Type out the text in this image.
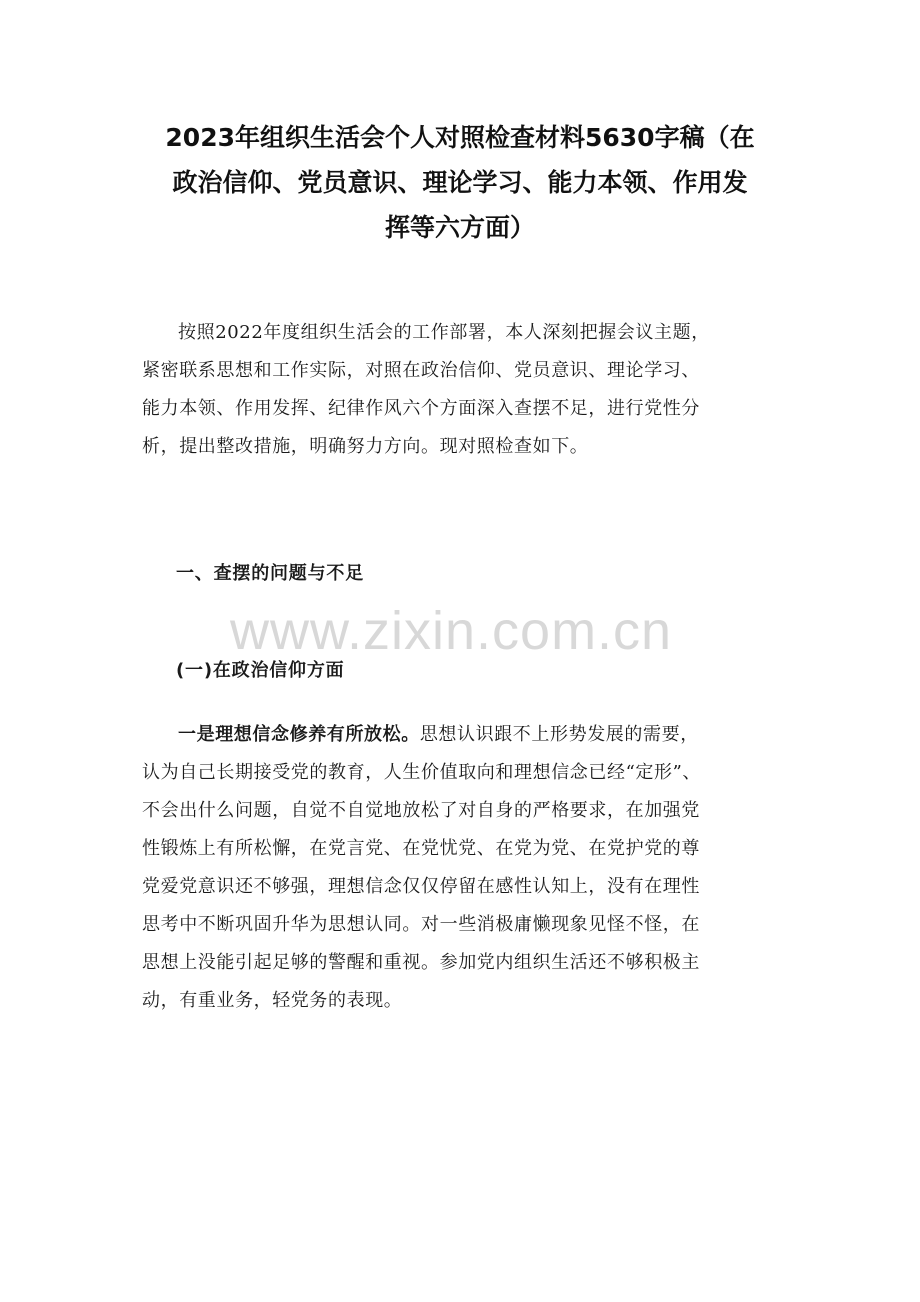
2023年组织生活会个人对照检查材料5630字稿（在
政治信仰、党员意识、理论学习、能力本领、作用发
挥等六方面）
按照2022年度组织生活会的工作部署，本人深刻把握会议主题，
紧密联系思想和工作实际，对照在政治信仰、党员意识、理论学习、
能力本领、作用发挥、纪律作风六个方面深入查摆不足，进行党性分
析，提出整改措施，明确努力方向。现对照检查如下。
一、查摆的问题与不足
www.zixin.com.cn
(一)在政治信仰方面
一是理想信念修养有所放松。思想认识跟不上形势发展的需要，
认为自己长期接受党的教育，人生价值取向和理想信念已经“定形”、
不会出什么问题，自觉不自觉地放松了对自身的严格要求，在加强党
性锻炼上有所松懈，在党言党、在党忧党、在党为党、在党护党的尊
党爱党意识还不够强，理想信念仅仅停留在感性认知上，没有在理性
思考中不断巩固升华为思想认同。对一些消极庸懒现象见怪不怪，在
思想上没能引起足够的警醒和重视。参加党内组织生活还不够积极主
动，有重业务，轻党务的表现。
